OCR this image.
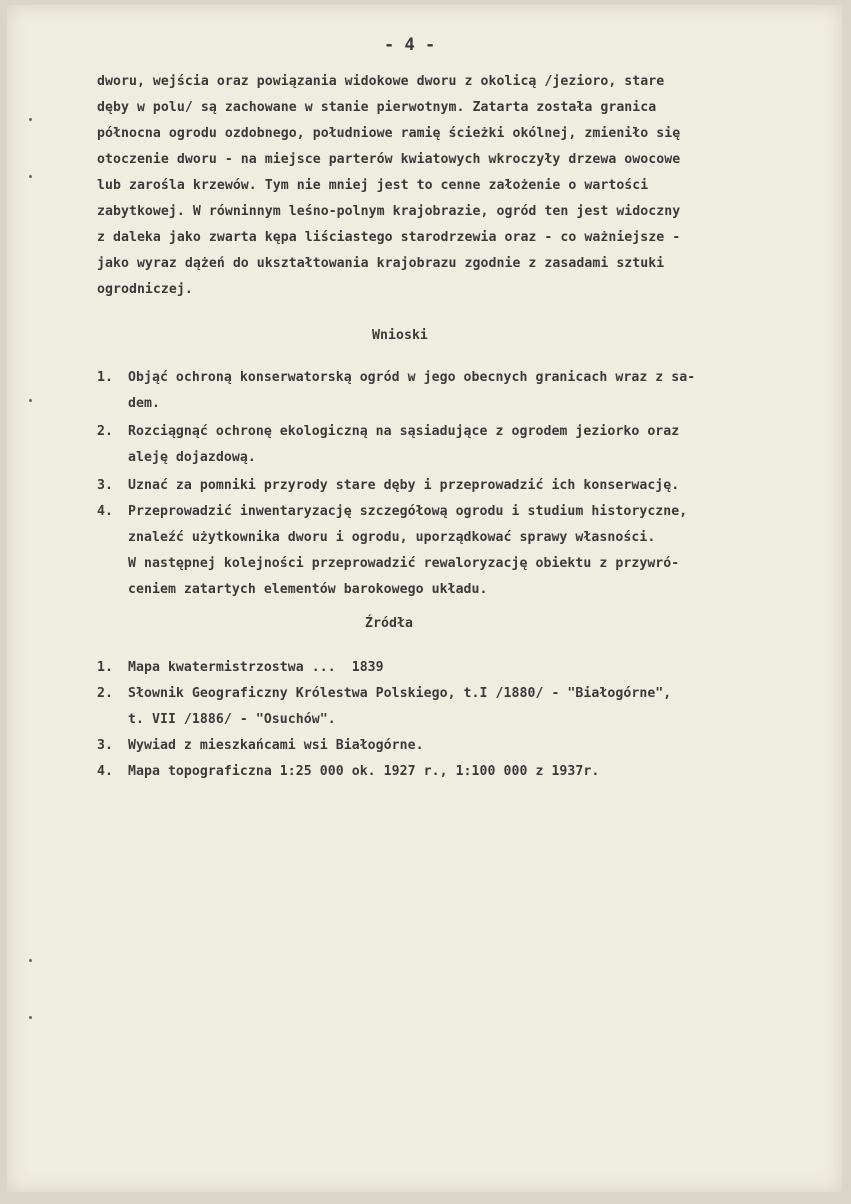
- 4 -

dworu, wejścia oraz powiązania widokowe dworu z okolicą /jezioro, stare

dęby w polu/ są zachowane w stanie pierwotnym. Zatarta została granica

północna ogrodu ozdobnego, południowe ramię ścieżki okólnej, zmieniło się

otoczenie dworu - na miejsce parterów kwiatowych wkroczyły drzewa owocowe

lub zarośla krzewów. Tym nie mniej jest to cenne założenie o wartości

zabytkowej. W równinnym leśno-polnym krajobrazie, ogród ten jest widoczny

z daleka jako zwarta kępa liściastego starodrzewia oraz - co ważniejsze -

jako wyraz dążeń do ukształtowania krajobrazu zgodnie z zasadami sztuki

ogrodniczej.

Wnioski

1.

Objąć ochroną konserwatorską ogród w jego obecnych granicach wraz z sa-

dem.

2.

Rozciągnąć ochronę ekologiczną na sąsiadujące z ogrodem jeziorko oraz

aleję dojazdową.

3.

Uznać za pomniki przyrody stare dęby i przeprowadzić ich konserwację.

4.

Przeprowadzić inwentaryzację szczegółową ogrodu i studium historyczne,

znaleźć użytkownika dworu i ogrodu, uporządkować sprawy własności.

W następnej kolejności przeprowadzić rewaloryzację obiektu z przywró-

ceniem zatartych elementów barokowego układu.

Źródła

1.

Mapa kwatermistrzostwa ...  1839

2.

Słownik Geograficzny Królestwa Polskiego, t.I /1880/ - "Białogórne",

t. VII /1886/ - "Osuchów".

3.

Wywiad z mieszkańcami wsi Białogórne.

4.

Mapa topograficzna 1:25 000 ok. 1927 r., 1:100 000 z 1937r.
